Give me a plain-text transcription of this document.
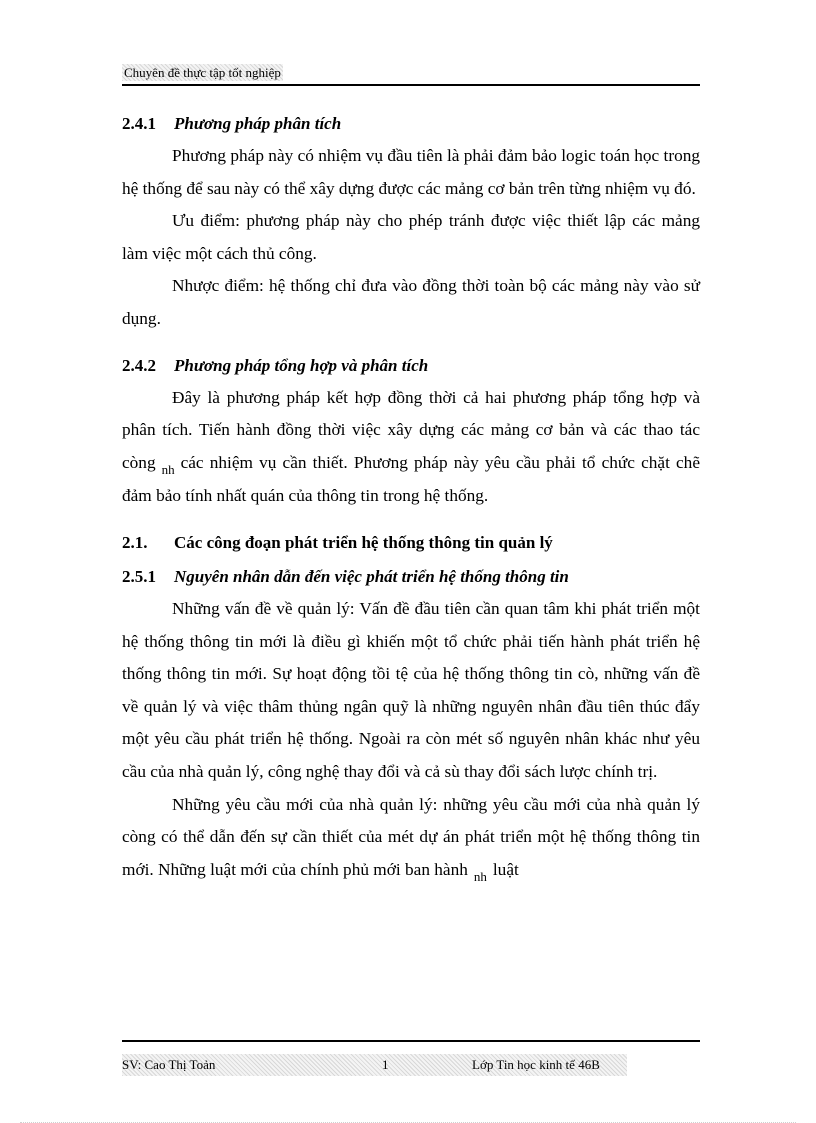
Chuyên đề thực tập tốt nghiệp
2.4.1 Phương pháp phân tích

Phương pháp này có nhiệm vụ đầu tiên là phải đảm bảo logic toán học trong hệ thống để sau này có thể xây dựng được các mảng cơ bản trên từng nhiệm vụ đó.

Ưu điểm: phương pháp này cho phép tránh được việc thiết lập các mảng làm việc một cách thủ công.

Nhược điểm: hệ thống chỉ đưa vào đồng thời toàn bộ các mảng này vào sử dụng.

2.4.2 Phương pháp tổng hợp và phân tích

Đây là phương pháp kết hợp đồng thời cả hai phương pháp tổng hợp và phân tích. Tiến hành đồng thời việc xây dựng các mảng cơ bản và các thao tác còng $_{nh}$ các nhiệm vụ cần thiết. Phương pháp này yêu cầu phải tổ chức chặt chẽ đảm bảo tính nhất quán của thông tin trong hệ thống.

2.1. Các công đoạn phát triển hệ thống thông tin quản lý
2.5.1 Nguyên nhân dẫn đến việc phát triển hệ thống thông tin

Những vấn đề về quản lý: Vấn đề đầu tiên cần quan tâm khi phát triển một hệ thống thông tin mới là điều gì khiến một tổ chức phải tiến hành phát triển hệ thống thông tin mới. Sự hoạt động tồi tệ của hệ thống thông tin cò, những vấn đề về quản lý và việc thâm thủng ngân quỹ là những nguyên nhân đầu tiên thúc đẩy một yêu cầu phát triển hệ thống. Ngoài ra còn mét số nguyên nhân khác như yêu cầu của nhà quản lý, công nghệ thay đổi và cả sù thay đổi sách lược chính trị.

Những yêu cầu mới của nhà quản lý: những yêu cầu mới của nhà quản lý còng có thể dẫn đến sự cần thiết của mét dự án phát triển một hệ thống thông tin mới. Những luật mới của chính phủ mới ban hành $_{nh}$ luật

SV: Cao Thị Toản	1	Lớp Tin học kinh tế 46B
